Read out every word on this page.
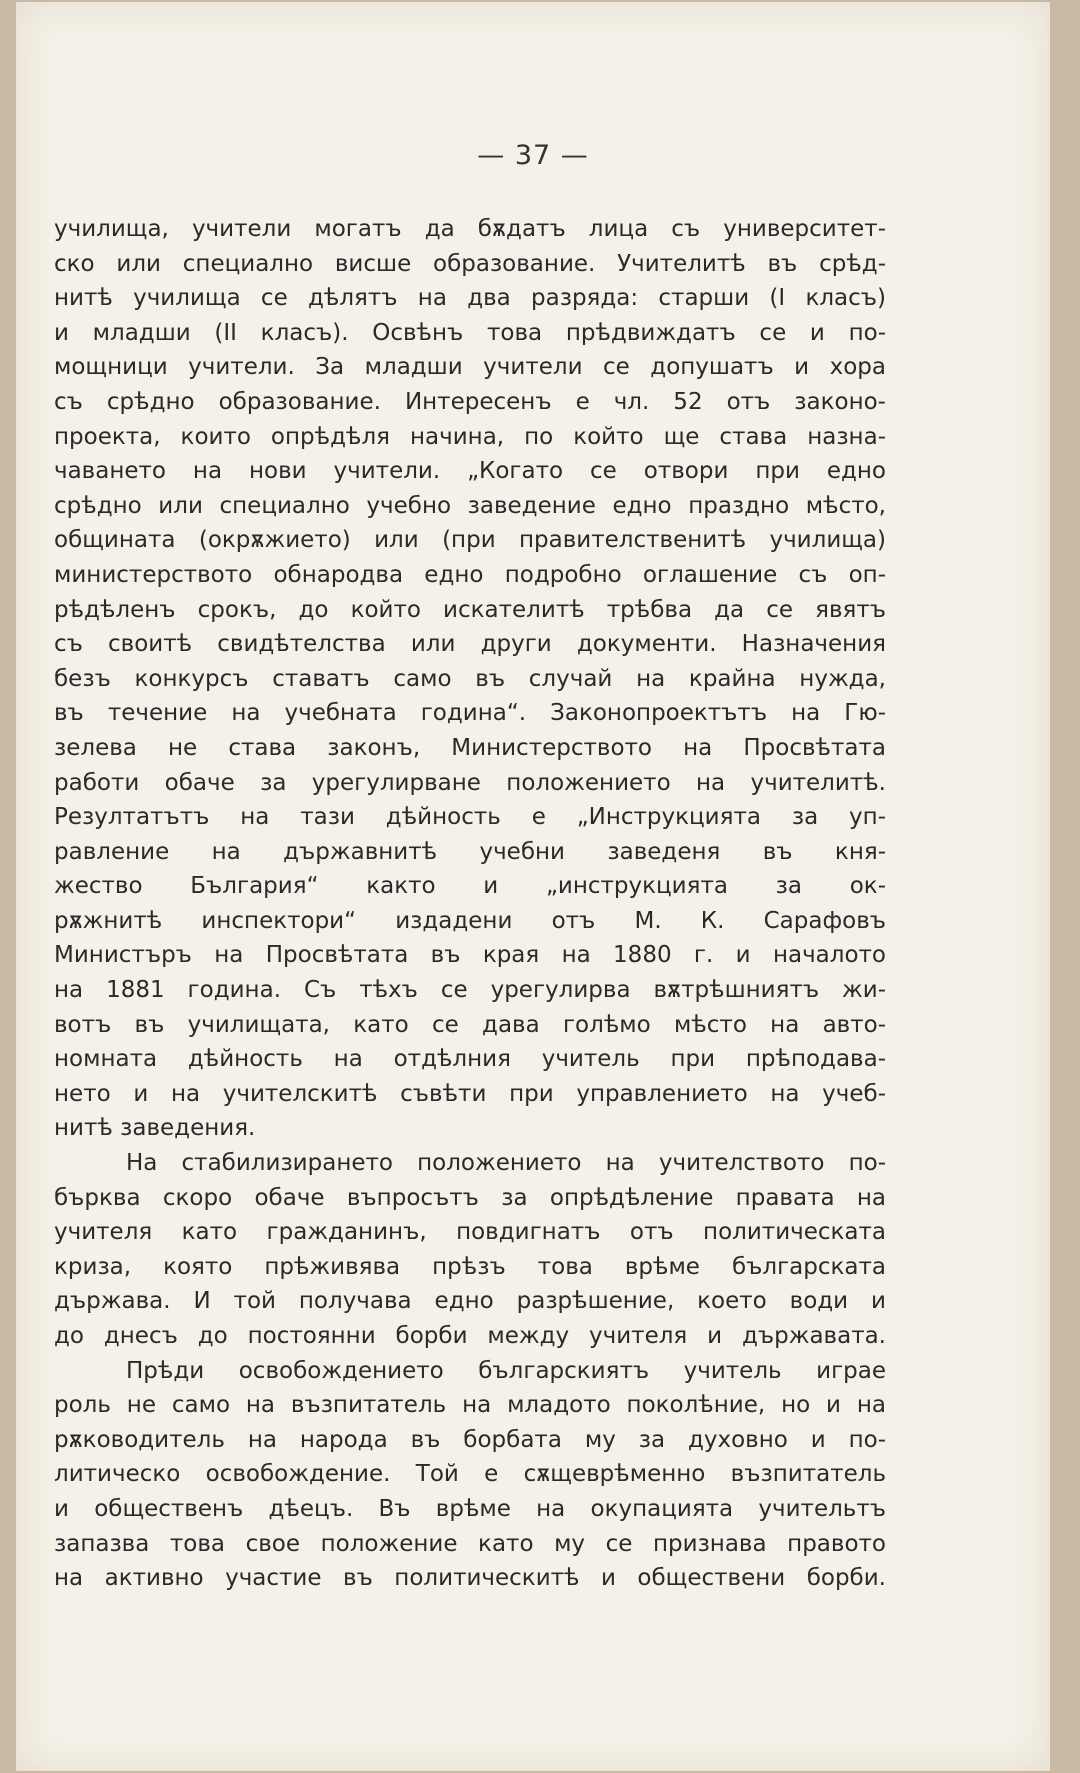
— 37 —
училища, учители могатъ да бѫдатъ лица съ университет-
ско или специално висше образование. Учителитѣ въ срѣд-
нитѣ училища се дѣлятъ на два разряда: старши (I класъ)
и младши (II класъ). Освѣнъ това прѣдвиждатъ се и по-
мощници учители. За младши учители се допушатъ и хора
съ срѣдно образование. Интересенъ е чл. 52 отъ законо-
проекта, които опрѣдѣля начина, по който ще става назна-
чаването на нови учители. „Когато се отвори при едно
срѣдно или специално учебно заведение едно праздно мѣсто,
общината (окрѫжието) или (при правителственитѣ училища)
министерството обнародва едно подробно оглашение съ оп-
рѣдѣленъ срокъ, до който искателитѣ трѣбва да се явятъ
съ своитѣ свидѣтелства или други документи. Назначения
безъ конкурсъ ставатъ само въ случай на крайна нужда,
въ течение на учебната година“. Законопроектътъ на Гю-
зелева не става законъ, Министерството на Просвѣтата
работи обаче за урегулирване положението на учителитѣ.
Резултатътъ на тази дѣйность е „Инструкцията за уп-
равление на държавнитѣ учебни заведеня въ кня-
жество България“ както и „инструкцията за ок-
рѫжнитѣ инспектори“ издадени отъ М. К. Сарафовъ
Министъръ на Просвѣтата въ края на 1880 г. и началото
на 1881 година. Съ тѣхъ се урегулирва вѫтрѣшниятъ жи-
вотъ въ училищата, като се дава голѣмо мѣсто на авто-
номната дѣйность на отдѣлния учитель при прѣподава-
нето и на учителскитѣ съвѣти при управлението на учеб-
нитѣ заведения.
На стабилизирането положението на учителството по-
бърква скоро обаче въпросътъ за опрѣдѣление правата на
учителя като гражданинъ, повдигнатъ отъ политическата
криза, която прѣживява прѣзъ това врѣме българската
държава. И той получава едно разрѣшение, което води и
до днесъ до постоянни борби между учителя и държавата.
Прѣди освобождението българскиятъ учитель играе
роль не само на възпитатель на младото поколѣние, но и на
рѫководитель на народа въ борбата му за духовно и по-
литическо освобождение. Той е сѫщеврѣменно възпитатель
и общественъ дѣецъ. Въ врѣме на окупацията учительтъ
запазва това свое положение като му се признава правото
на активно участие въ политическитѣ и обществени борби.
